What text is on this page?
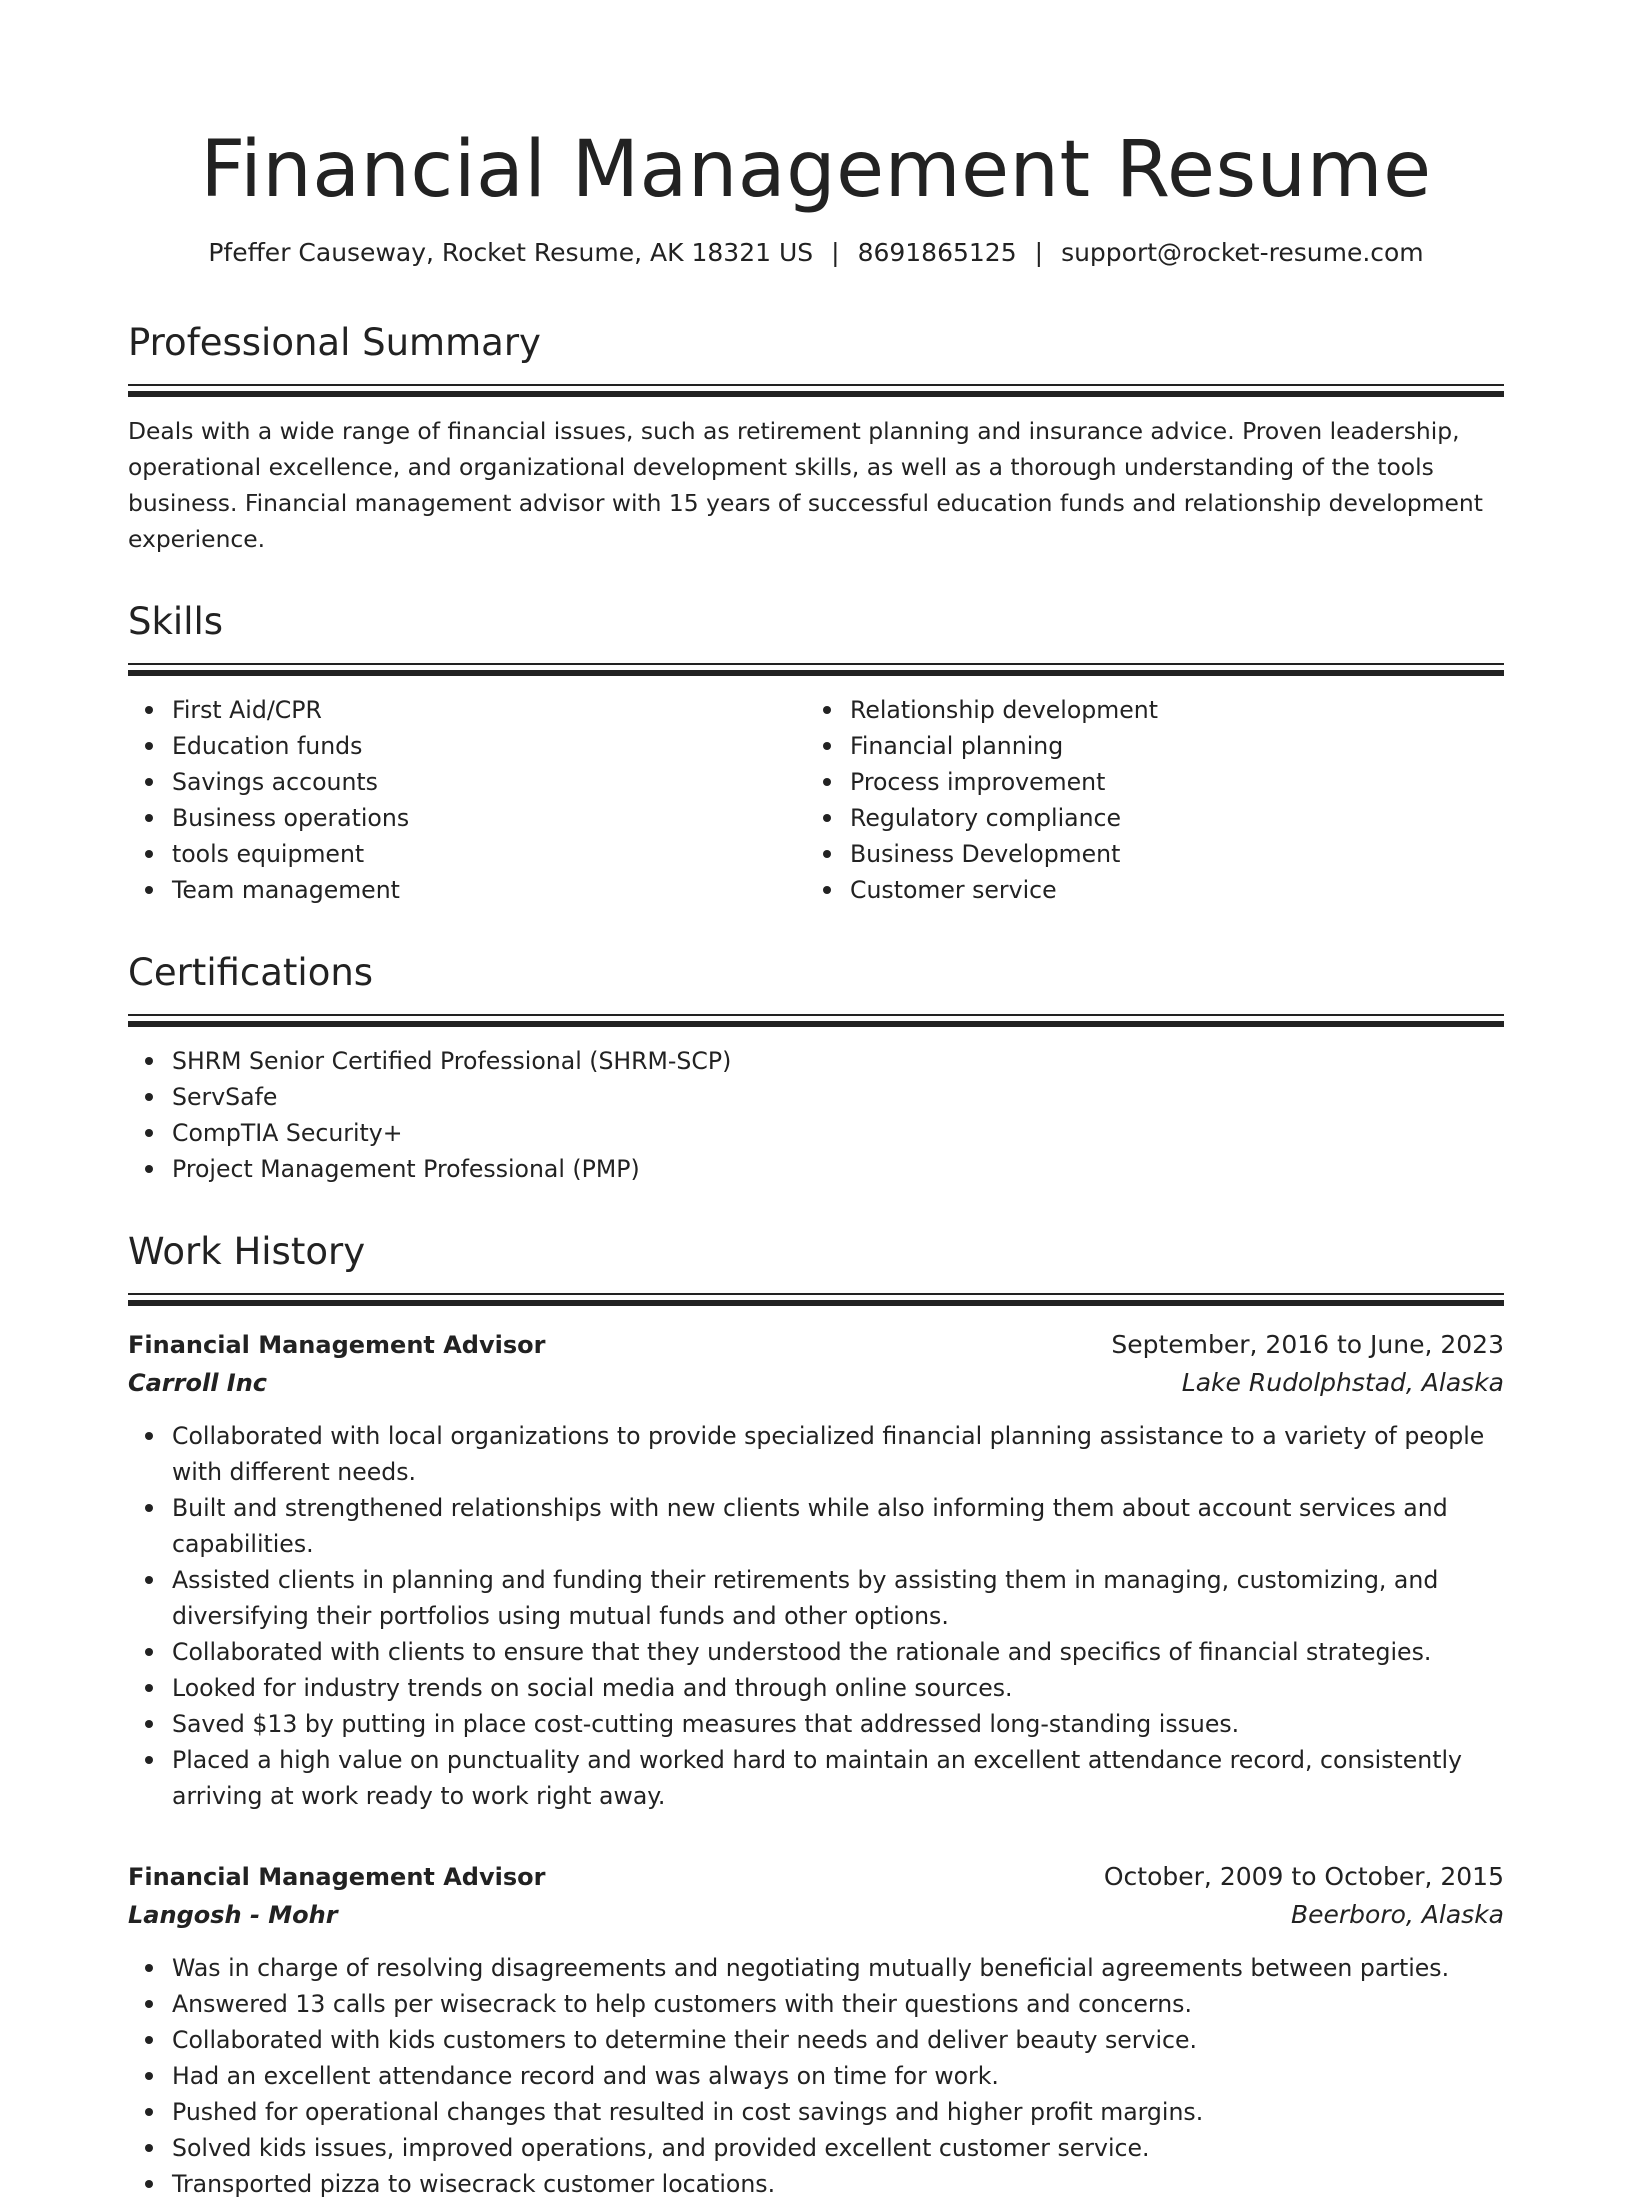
Financial Management Resume
Pfeffer Causeway, Rocket Resume, AK 18321 US | 8691865125 | support@rocket-resume.com
Professional Summary

Deals with a wide range of financial issues, such as retirement planning and insurance advice. Proven leadership, operational excellence, and organizational development skills, as well as a thorough understanding of the tools business. Financial management advisor with 15 years of successful education funds and relationship development experience.

Skills
First Aid/CPR
Education funds
Savings accounts
Business operations
tools equipment
Team management
Relationship development
Financial planning
Process improvement
Regulatory compliance
Business Development
Customer service
Certifications
SHRM Senior Certified Professional (SHRM-SCP)
ServSafe
CompTIA Security+
Project Management Professional (PMP)
Work History
Financial Management Advisor	September, 2016 to June, 2023
Carroll Inc	Lake Rudolphstad, Alaska
Collaborated with local organizations to provide specialized financial planning assistance to a variety of people with different needs.
Built and strengthened relationships with new clients while also informing them about account services and capabilities.
Assisted clients in planning and funding their retirements by assisting them in managing, customizing, and diversifying their portfolios using mutual funds and other options.
Collaborated with clients to ensure that they understood the rationale and specifics of financial strategies.
Looked for industry trends on social media and through online sources.
Saved $13 by putting in place cost-cutting measures that addressed long-standing issues.
Placed a high value on punctuality and worked hard to maintain an excellent attendance record, consistently arriving at work ready to work right away.
Financial Management Advisor	October, 2009 to October, 2015
Langosh - Mohr	Beerboro, Alaska
Was in charge of resolving disagreements and negotiating mutually beneficial agreements between parties.
Answered 13 calls per wisecrack to help customers with their questions and concerns.
Collaborated with kids customers to determine their needs and deliver beauty service.
Had an excellent attendance record and was always on time for work.
Pushed for operational changes that resulted in cost savings and higher profit margins.
Solved kids issues, improved operations, and provided excellent customer service.
Transported pizza to wisecrack customer locations.
